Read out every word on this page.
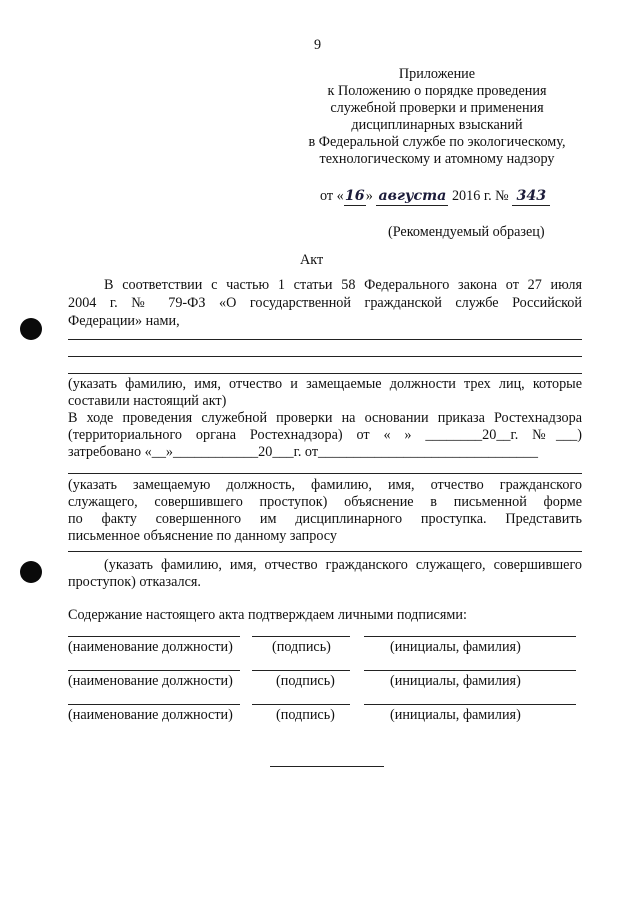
9
Приложение
к Положению о порядке проведения
служебной проверки и применения
дисциплинарных взысканий
в Федеральной службе по экологическому,
технологическому и атомному надзору
от «16» августа 2016 г. № 343
(Рекомендуемый образец)
Акт
В соответствии с частью 1 статьи 58 Федерального закона от 27 июля
2004 г. № 79-ФЗ «О государственной гражданской службе Российской
Федерации» нами,
(указать фамилию, имя, отчество и замещаемые должности трех лиц, которые
составили настоящий акт)
В ходе проведения служебной проверки на основании приказа Ростехнадзора
(территориального органа Ростехнадзора) от « » ________20__г. №___)
затребовано «__»____________20___г. от_______________________________
(указать замещаемую должность, фамилию, имя, отчество гражданского
служащего, совершившего проступок) объяснение в письменной форме
по факту совершенного им дисциплинарного проступка. Представить
письменное объяснение по данному запросу
(указать фамилию, имя, отчество гражданского служащего, совершившего
проступок) отказался.
Содержание настоящего акта подтверждаем личными подписями:
(наименование должности)	(подпись)	(инициалы, фамилия)
(наименование должности)	(подпись)	(инициалы, фамилия)
(наименование должности)	(подпись)	(инициалы, фамилия)
